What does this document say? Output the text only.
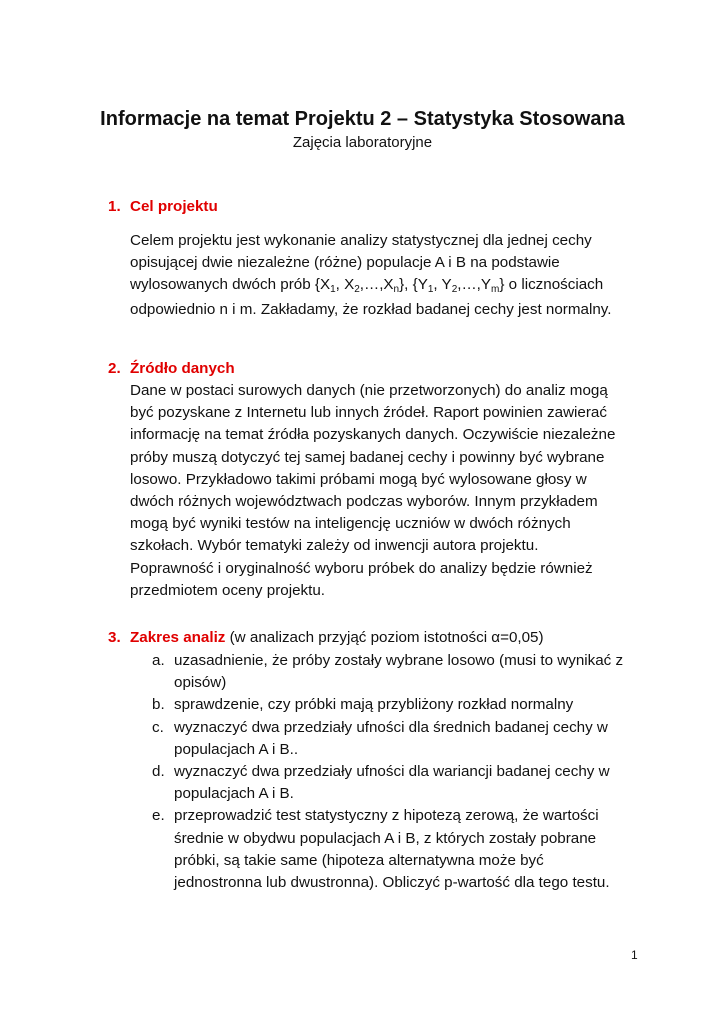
Informacje na temat Projektu 2 – Statystyka Stosowana
Zajęcia laboratoryjne
1. Cel projektu
Celem projektu jest wykonanie analizy statystycznej dla jednej cechy
opisującej dwie niezależne (różne) populacje A i B na podstawie
wylosowanych dwóch prób {$X_1$, $X_2,\dots,X_n$}, {$Y_1$, $Y_2,\dots,Y_m$} o licznościach
odpowiednio n i m. Zakładamy, że rozkład badanej cechy jest normalny.
2. Źródło danych
Dane w postaci surowych danych (nie przetworzonych) do analiz mogą
być pozyskane z Internetu lub innych źródeł. Raport powinien zawierać
informację na temat źródła pozyskanych danych. Oczywiście niezależne
próby muszą dotyczyć tej samej badanej cechy i powinny być wybrane
losowo. Przykładowo takimi próbami mogą być wylosowane głosy w
dwóch różnych województwach podczas wyborów. Innym przykładem
mogą być wyniki testów na inteligencję uczniów w dwóch różnych
szkołach. Wybór tematyki zależy od inwencji autora projektu.
Poprawność i oryginalność wyboru próbek do analizy będzie również
przedmiotem oceny projektu.
3. Zakres analiz (w analizach przyjąć poziom istotności α=0,05)
a. uzasadnienie, że próby zostały wybrane losowo (musi to wynikać z
opisów)
b. sprawdzenie, czy próbki mają przybliżony rozkład normalny
c. wyznaczyć dwa przedziały ufności dla średnich badanej cechy w
populacjach A i B..
d. wyznaczyć dwa przedziały ufności dla wariancji badanej cechy w
populacjach A i B.
e. przeprowadzić test statystyczny z hipotezą zerową, że wartości
średnie w obydwu populacjach A i B, z których zostały pobrane
próbki, są takie same (hipoteza alternatywna może być
jednostronna lub dwustronna). Obliczyć p-wartość dla tego testu.
1
